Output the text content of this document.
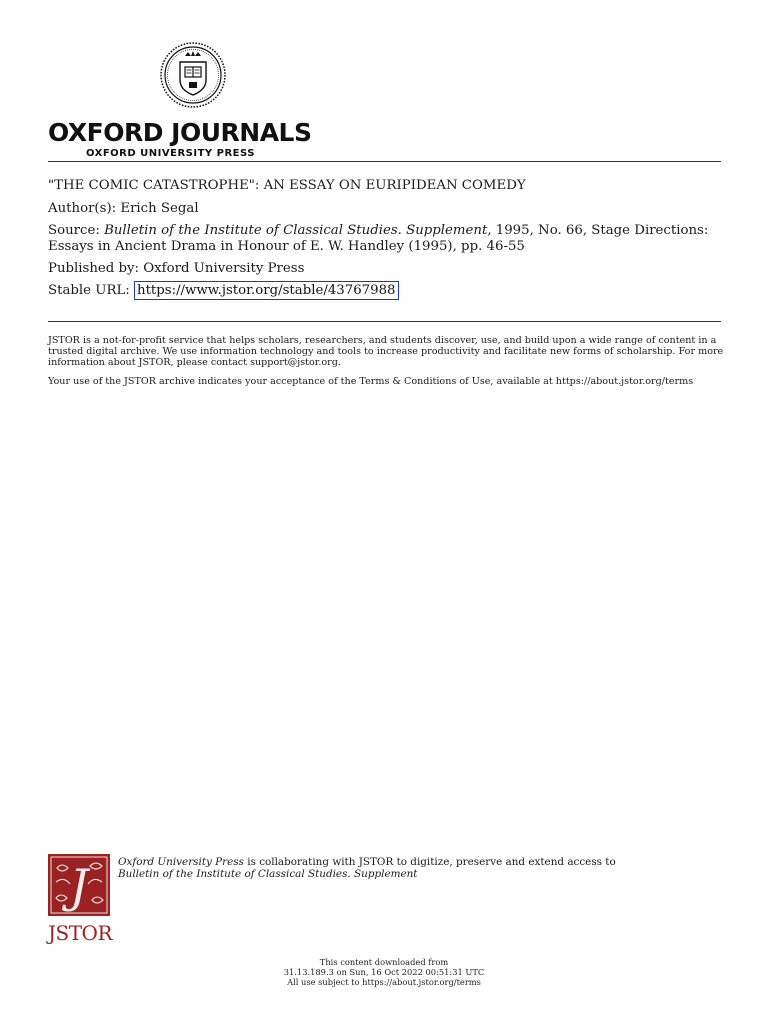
OXFORD JOURNALS
OXFORD UNIVERSITY PRESS

"THE COMIC CATASTROPHE": AN ESSAY ON EURIPIDEAN COMEDY

Author(s): Erich Segal

Source: Bulletin of the Institute of Classical Studies. Supplement, 1995, No. 66, Stage Directions: Essays in Ancient Drama in Honour of E. W. Handley (1995), pp. 46-55

Published by: Oxford University Press

Stable URL: https://www.jstor.org/stable/43767988

JSTOR is a not-for-profit service that helps scholars, researchers, and students discover, use, and build upon a wide range of content in a trusted digital archive. We use information technology and tools to increase productivity and facilitate new forms of scholarship. For more information about JSTOR, please contact support@jstor.org.

Your use of the JSTOR archive indicates your acceptance of the Terms & Conditions of Use, available at https://about.jstor.org/terms

J
JSTOR
Oxford University Press is collaborating with JSTOR to digitize, preserve and extend access to
Bulletin of the Institute of Classical Studies. Supplement
This content downloaded from
31.13.189.3 on Sun, 16 Oct 2022 00:51:31 UTC
All use subject to https://about.jstor.org/terms
